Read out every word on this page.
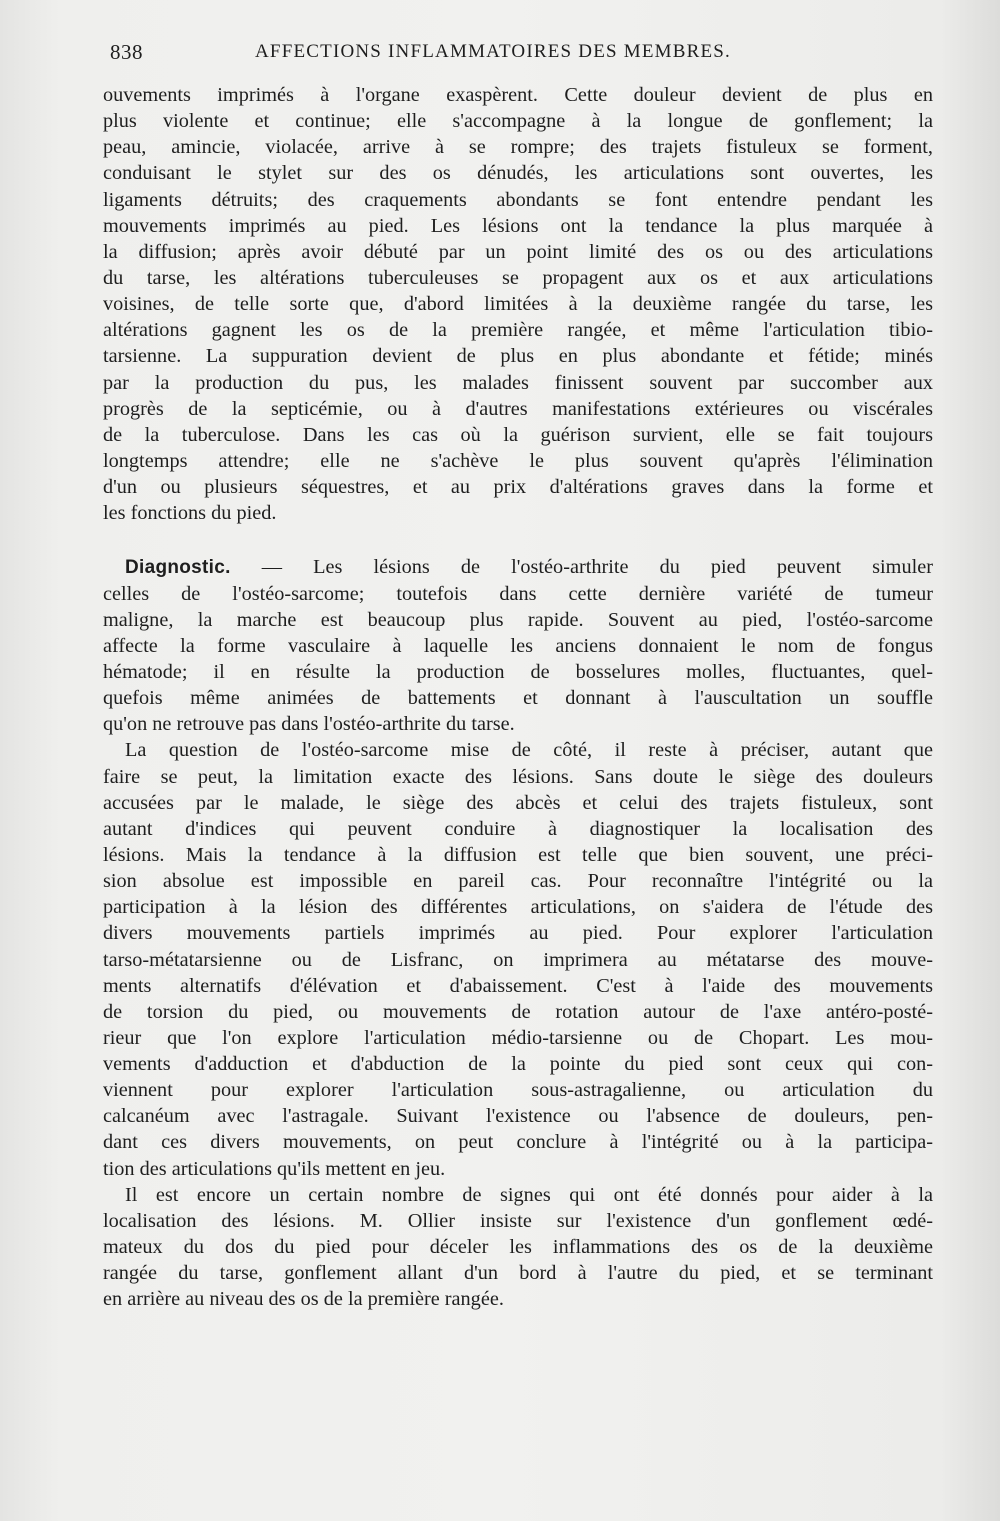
838	AFFECTIONS INFLAMMATOIRES DES MEMBRES.
ouvements imprimés à l'organe exaspèrent. Cette douleur devient de plus en
plus violente et continue; elle s'accompagne à la longue de gonflement; la
peau, amincie, violacée, arrive à se rompre; des trajets fistuleux se forment,
conduisant le stylet sur des os dénudés, les articulations sont ouvertes, les
ligaments détruits; des craquements abondants se font entendre pendant les
mouvements imprimés au pied. Les lésions ont la tendance la plus marquée à
la diffusion; après avoir débuté par un point limité des os ou des articulations
du tarse, les altérations tuberculeuses se propagent aux os et aux articulations
voisines, de telle sorte que, d'abord limitées à la deuxième rangée du tarse, les
altérations gagnent les os de la première rangée, et même l'articulation tibio-
tarsienne. La suppuration devient de plus en plus abondante et fétide; minés
par la production du pus, les malades finissent souvent par succomber aux
progrès de la septicémie, ou à d'autres manifestations extérieures ou viscérales
de la tuberculose. Dans les cas où la guérison survient, elle se fait toujours
longtemps attendre; elle ne s'achève le plus souvent qu'après l'élimination
d'un ou plusieurs séquestres, et au prix d'altérations graves dans la forme et
les fonctions du pied.
Diagnostic. — Les lésions de l'ostéo-arthrite du pied peuvent simuler
celles de l'ostéo-sarcome; toutefois dans cette dernière variété de tumeur
maligne, la marche est beaucoup plus rapide. Souvent au pied, l'ostéo-sarcome
affecte la forme vasculaire à laquelle les anciens donnaient le nom de fongus
hématode; il en résulte la production de bosselures molles, fluctuantes, quel-
quefois même animées de battements et donnant à l'auscultation un souffle
qu'on ne retrouve pas dans l'ostéo-arthrite du tarse.
La question de l'ostéo-sarcome mise de côté, il reste à préciser, autant que
faire se peut, la limitation exacte des lésions. Sans doute le siège des douleurs
accusées par le malade, le siège des abcès et celui des trajets fistuleux, sont
autant d'indices qui peuvent conduire à diagnostiquer la localisation des
lésions. Mais la tendance à la diffusion est telle que bien souvent, une préci-
sion absolue est impossible en pareil cas. Pour reconnaître l'intégrité ou la
participation à la lésion des différentes articulations, on s'aidera de l'étude des
divers mouvements partiels imprimés au pied. Pour explorer l'articulation
tarso-métatarsienne ou de Lisfranc, on imprimera au métatarse des mouve-
ments alternatifs d'élévation et d'abaissement. C'est à l'aide des mouvements
de torsion du pied, ou mouvements de rotation autour de l'axe antéro-posté-
rieur que l'on explore l'articulation médio-tarsienne ou de Chopart. Les mou-
vements d'adduction et d'abduction de la pointe du pied sont ceux qui con-
viennent pour explorer l'articulation sous-astragalienne, ou articulation du
calcanéum avec l'astragale. Suivant l'existence ou l'absence de douleurs, pen-
dant ces divers mouvements, on peut conclure à l'intégrité ou à la participa-
tion des articulations qu'ils mettent en jeu.
Il est encore un certain nombre de signes qui ont été donnés pour aider à la
localisation des lésions. M. Ollier insiste sur l'existence d'un gonflement œdé-
mateux du dos du pied pour déceler les inflammations des os de la deuxième
rangée du tarse, gonflement allant d'un bord à l'autre du pied, et se terminant
en arrière au niveau des os de la première rangée.
